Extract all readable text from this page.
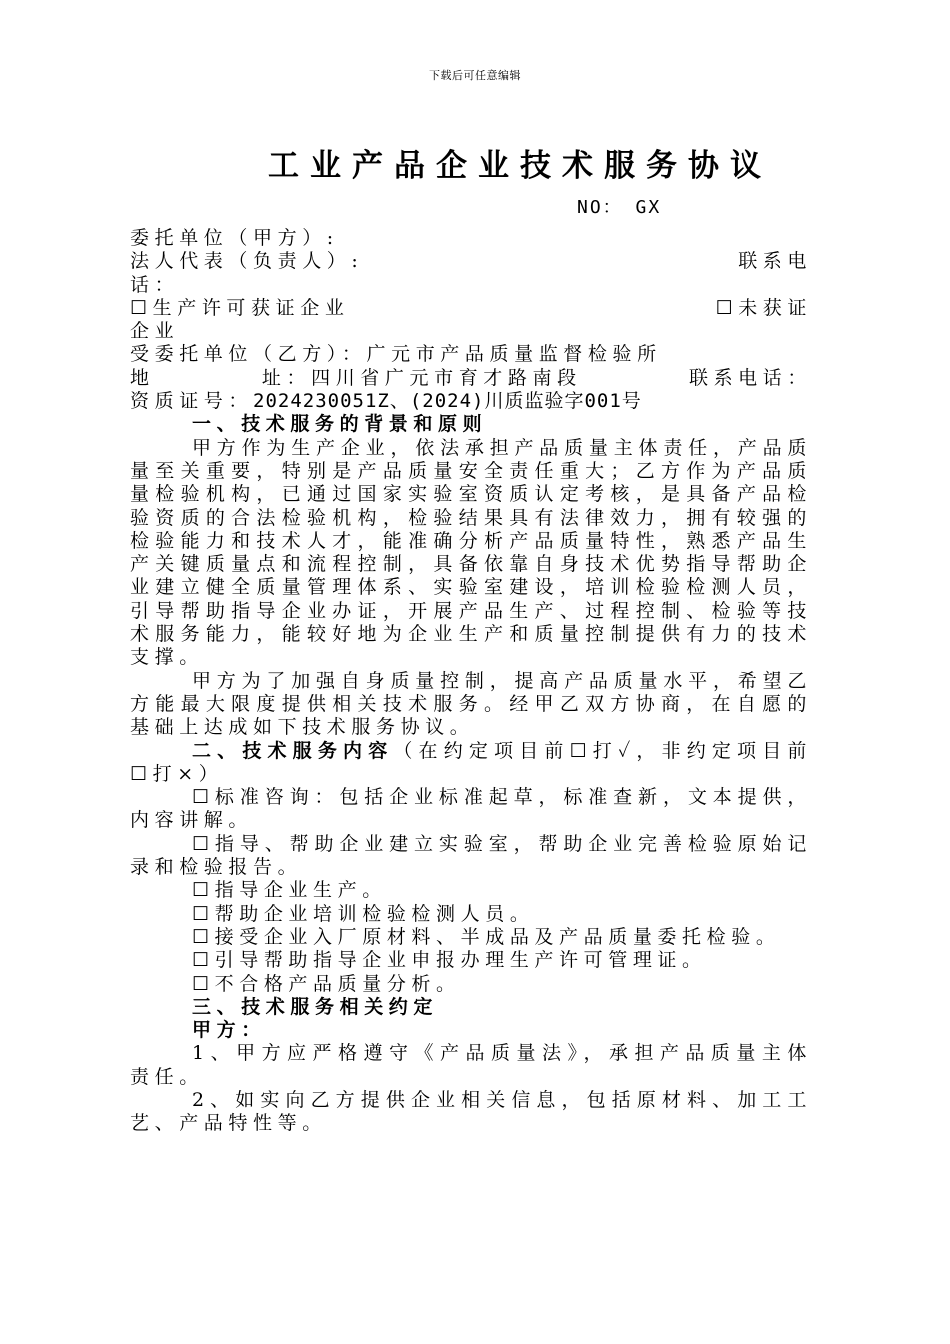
下载后可任意编辑
工业产品企业技术服务协议
NO： GX

委托单位（甲方）:

法人代表（负责人）:	联系电

话：

☐生产许可获证企业	☐未获证

企业

受委托单位（乙方）：广元市产品质量监督检验所

地	址：四川省广元市育才路南段	联系电话：

资质证号：2024230051Z、(2024)川质监验字001号

一、技术服务的背景和原则

甲方作为生产企业，依法承担产品质量主体责任，产品质量至关重要，特别是产品质量安全责任重大；乙方作为产品质量检验机构，已通过国家实验室资质认定考核，是具备产品检验资质的合法检验机构，检验结果具有法律效力，拥有较强的检验能力和技术人才，能准确分析产品质量特性，熟悉产品生产关键质量点和流程控制，具备依靠自身技术优势指导帮助企业建立健全质量管理体系、实验室建设，培训检验检测人员，引导帮助指导企业办证，开展产品生产、过程控制、检验等技术服务能力，能较好地为企业生产和质量控制提供有力的技术支撑。

甲方为了加强自身质量控制，提高产品质量水平，希望乙方能最大限度提供相关技术服务。经甲乙双方协商，在自愿的基础上达成如下技术服务协议。

二、技术服务内容（在约定项目前☐打✓，非约定项目前☐打×）

☐标准咨询：包括企业标准起草，标准查新，文本提供，内容讲解。

☐指导、帮助企业建立实验室，帮助企业完善检验原始记录和检验报告。

☐指导企业生产。

☐帮助企业培训检验检测人员。

☐接受企业入厂原材料、半成品及产品质量委托检验。

☐引导帮助指导企业申报办理生产许可管理证。

☐不合格产品质量分析。

三、技术服务相关约定

甲方：

1、甲方应严格遵守《产品质量法》，承担产品质量主体责任。

2、如实向乙方提供企业相关信息，包括原材料、加工工艺、产品特性等。
